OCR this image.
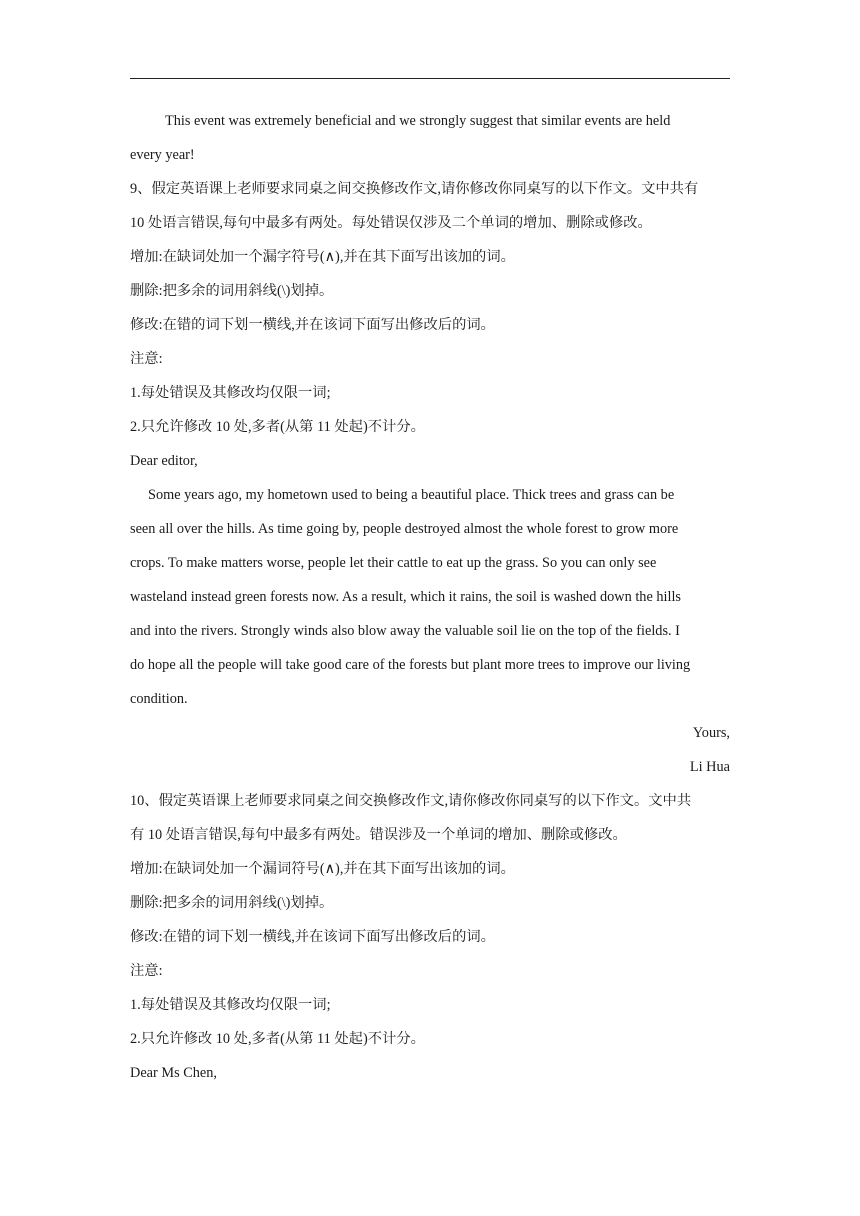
This event was extremely beneficial and we strongly suggest that similar events are held
every year!
9、假定英语课上老师要求同桌之间交换修改作文,请你修改你同桌写的以下作文。文中共有
10 处语言错误,每句中最多有两处。每处错误仅涉及二个单词的增加、删除或修改。
增加:在缺词处加一个漏字符号(∧),并在其下面写出该加的词。
删除:把多余的词用斜线(\)划掉。
修改:在错的词下划一横线,并在该词下面写出修改后的词。
注意:
1.每处错误及其修改均仅限一词;
2.只允许修改 10 处,多者(从第 11 处起)不计分。
Dear editor,
Some years ago, my hometown used to being a beautiful place. Thick trees and grass can be
seen all over the hills. As time going by, people destroyed almost the whole forest to grow more
crops. To make matters worse, people let their cattle to eat up the grass. So you can only see
wasteland instead green forests now. As a result, which it rains, the soil is washed down the hills
and into the rivers. Strongly winds also blow away the valuable soil lie on the top of the fields. I
do hope all the people will take good care of the forests but plant more trees to improve our living
condition.
Yours,
Li Hua
10、假定英语课上老师要求同桌之间交换修改作文,请你修改你同桌写的以下作文。文中共
有 10 处语言错误,每句中最多有两处。错误涉及一个单词的增加、删除或修改。
增加:在缺词处加一个漏词符号(∧),并在其下面写出该加的词。
删除:把多余的词用斜线(\)划掉。
修改:在错的词下划一横线,并在该词下面写出修改后的词。
注意:
1.每处错误及其修改均仅限一词;
2.只允许修改 10 处,多者(从第 11 处起)不计分。
Dear Ms Chen,
